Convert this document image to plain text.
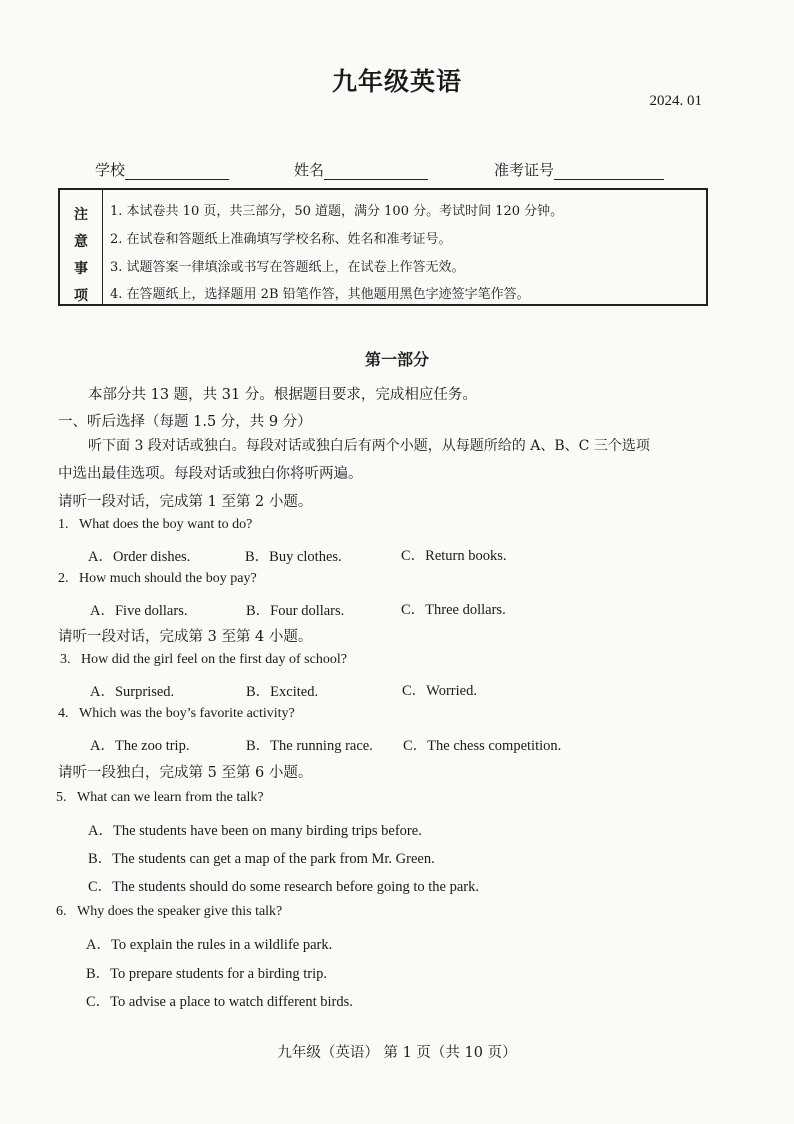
九年级英语
2024. 01
学校	姓名	准考证号
注
意
事
项
1. 本试卷共 10 页，共三部分，50 道题，满分 100 分。考试时间 120 分钟。
2. 在试卷和答题纸上准确填写学校名称、姓名和准考证号。
3. 试题答案一律填涂或书写在答题纸上，在试卷上作答无效。
4. 在答题纸上，选择题用 2B 铅笔作答，其他题用黑色字迹签字笔作答。
第一部分
本部分共 13 题，共 31 分。根据题目要求，完成相应任务。
一、听后选择（每题 1.5 分，共 9 分）
听下面 3 段对话或独白。每段对话或独白后有两个小题，从每题所给的 A、B、C 三个选项
中选出最佳选项。每段对话或独白你将听两遍。
请听一段对话，完成第 1 至第 2 小题。
1. What does the boy want to do?
A．Order dishes.	B．Buy clothes.	C．Return books.
2. How much should the boy pay?
A．Five dollars.	B．Four dollars.	C．Three dollars.
请听一段对话，完成第 3 至第 4 小题。
3. How did the girl feel on the first day of school?
A．Surprised.	B．Excited.	C．Worried.
4. Which was the boy’s favorite activity?
A．The zoo trip.	B．The running race. C．The chess competition.
请听一段独白，完成第 5 至第 6 小题。
5. What can we learn from the talk?
A．The students have been on many birding trips before.
B．The students can get a map of the park from Mr. Green.
C．The students should do some research before going to the park.
6. Why does the speaker give this talk?
A．To explain the rules in a wildlife park.
B．To prepare students for a birding trip.
C．To advise a place to watch different birds.
九年级（英语） 第 1 页（共 10 页）
